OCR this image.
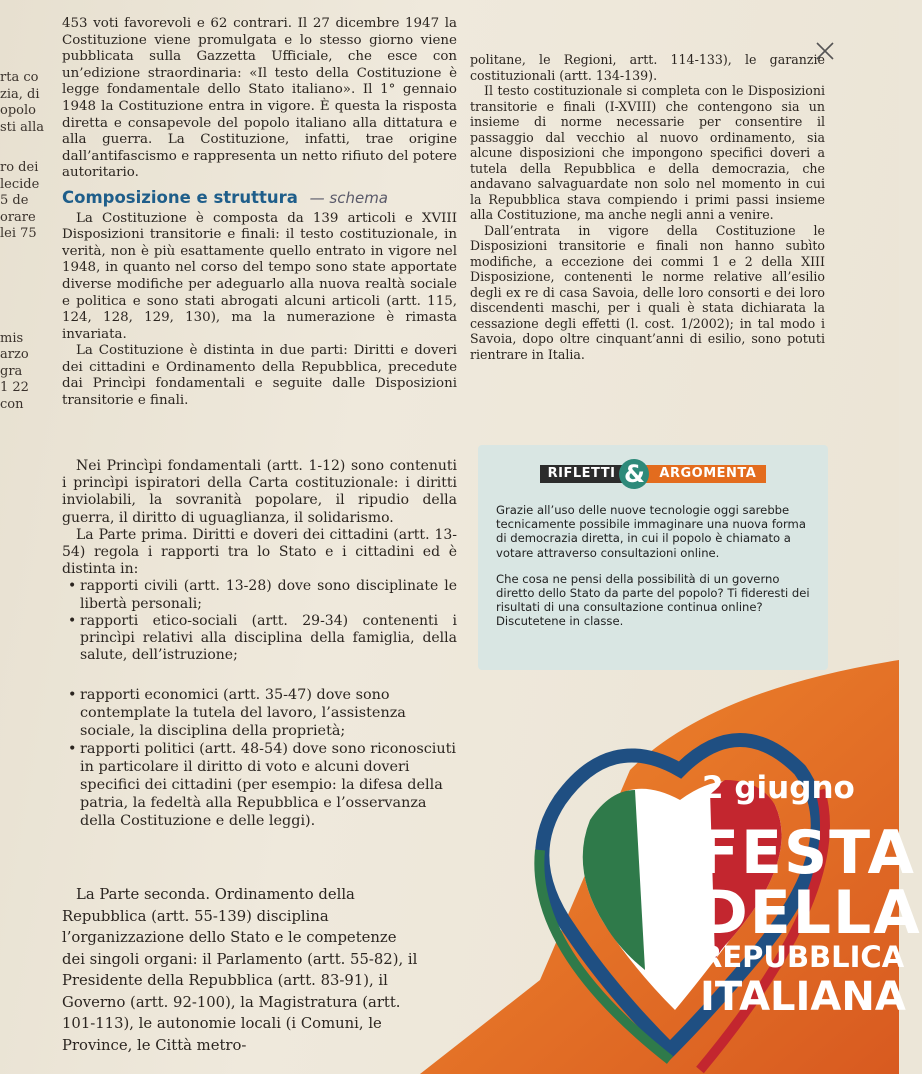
rta co
zia, di
opolo
sti alla
ro dei
lecide
5 de
orare
lei 75
mis
arzo
gra
1 22
con

453 voti favorevoli e 62 contrari. Il 27 dicembre 1947 la Costituzione viene promulgata e lo stesso giorno viene pubblicata sulla Gazzetta Ufficiale, che esce con un’edizione straordinaria: «Il testo della Costituzione è legge fondamentale dello Stato italiano». Il 1° gennaio 1948 la Costituzione entra in vigore. È questa la risposta diretta e consapevole del popolo italiano alla dittatura e alla guerra. La Costituzione, infatti, trae origine dall’antifascismo e rappresenta un netto rifiuto del potere autoritario.

Composizione e struttura — schema

La Costituzione è composta da 139 articoli e XVIII Disposizioni transitorie e finali: il testo costituzionale, in verità, non è più esattamente quello entrato in vigore nel 1948, in quanto nel corso del tempo sono state apportate diverse modifiche per adeguarlo alla nuova realtà sociale e politica e sono stati abrogati alcuni articoli (artt. 115, 124, 128, 129, 130), ma la numerazione è rimasta invariata.

La Costituzione è distinta in due parti: Diritti e doveri dei cittadini e Ordinamento della Repubblica, precedute dai Princìpi fondamentali e seguite dalle Disposizioni transitorie e finali.

Nei Princìpi fondamentali (artt. 1-12) sono contenuti i princìpi ispiratori della Carta costituzionale: i diritti inviolabili, la sovranità popolare, il ripudio della guerra, il diritto di uguaglianza, il solidarismo.

La Parte prima. Diritti e doveri dei cittadini (artt. 13-54) regola i rapporti tra lo Stato e i cittadini ed è distinta in:

• rapporti civili (artt. 13-28) dove sono disciplinate le libertà personali;

• rapporti etico-sociali (artt. 29-34) contenenti i princìpi relativi alla disciplina della famiglia, della salute, dell’istruzione;

• rapporti economici (artt. 35-47) dove sono contemplate la tutela del lavoro, l’assistenza sociale, la disciplina della proprietà;

• rapporti politici (artt. 48-54) dove sono riconosciuti in particolare il diritto di voto e alcuni doveri specifici dei cittadini (per esempio: la difesa della patria, la fedeltà alla Repubblica e l’osservanza della Costituzione e delle leggi).

La Parte seconda. Ordinamento della Repubblica (artt. 55-139) disciplina l’organizzazione dello Stato e le competenze dei singoli organi: il Parlamento (artt. 55-82), il Presidente della Repubblica (artt. 83-91), il Governo (artt. 92-100), la Magistratura (artt. 101-113), le autonomie locali (i Comuni, le Province, le Città metro-

politane, le Regioni, artt. 114-133), le garanzie costituzionali (artt. 134-139).

Il testo costituzionale si completa con le Disposizioni transitorie e finali (I-XVIII) che contengono sia un insieme di norme necessarie per consentire il passaggio dal vecchio al nuovo ordinamento, sia alcune disposizioni che impongono specifici doveri a tutela della Repubblica e della democrazia, che andavano salvaguardate non solo nel momento in cui la Repubblica stava compiendo i primi passi insieme alla Costituzione, ma anche negli anni a venire.

Dall’entrata in vigore della Costituzione le Disposizioni transitorie e finali non hanno subìto modifiche, a eccezione dei commi 1 e 2 della XIII Disposizione, contenenti le norme relative all’esilio degli ex re di casa Savoia, delle loro consorti e dei loro discendenti maschi, per i quali è stata dichiarata la cessazione degli effetti (l. cost. 1/2002); in tal modo i Savoia, dopo oltre cinquant’anni di esilio, sono potuti rientrare in Italia.

RIFLETTI &	ARGOMENTA

Grazie all’uso delle nuove tecnologie oggi sarebbe tecnicamente possibile immaginare una nuova forma di democrazia diretta, in cui il popolo è chiamato a votare attraverso consultazioni online.

Che cosa ne pensi della possibilità di un governo diretto dello Stato da parte del popolo? Ti fideresti dei risultati di una consultazione continua online? Discutetene in classe.

2 giugno
FESTA
DELLA
REPUBBLICA
ITALIANA
